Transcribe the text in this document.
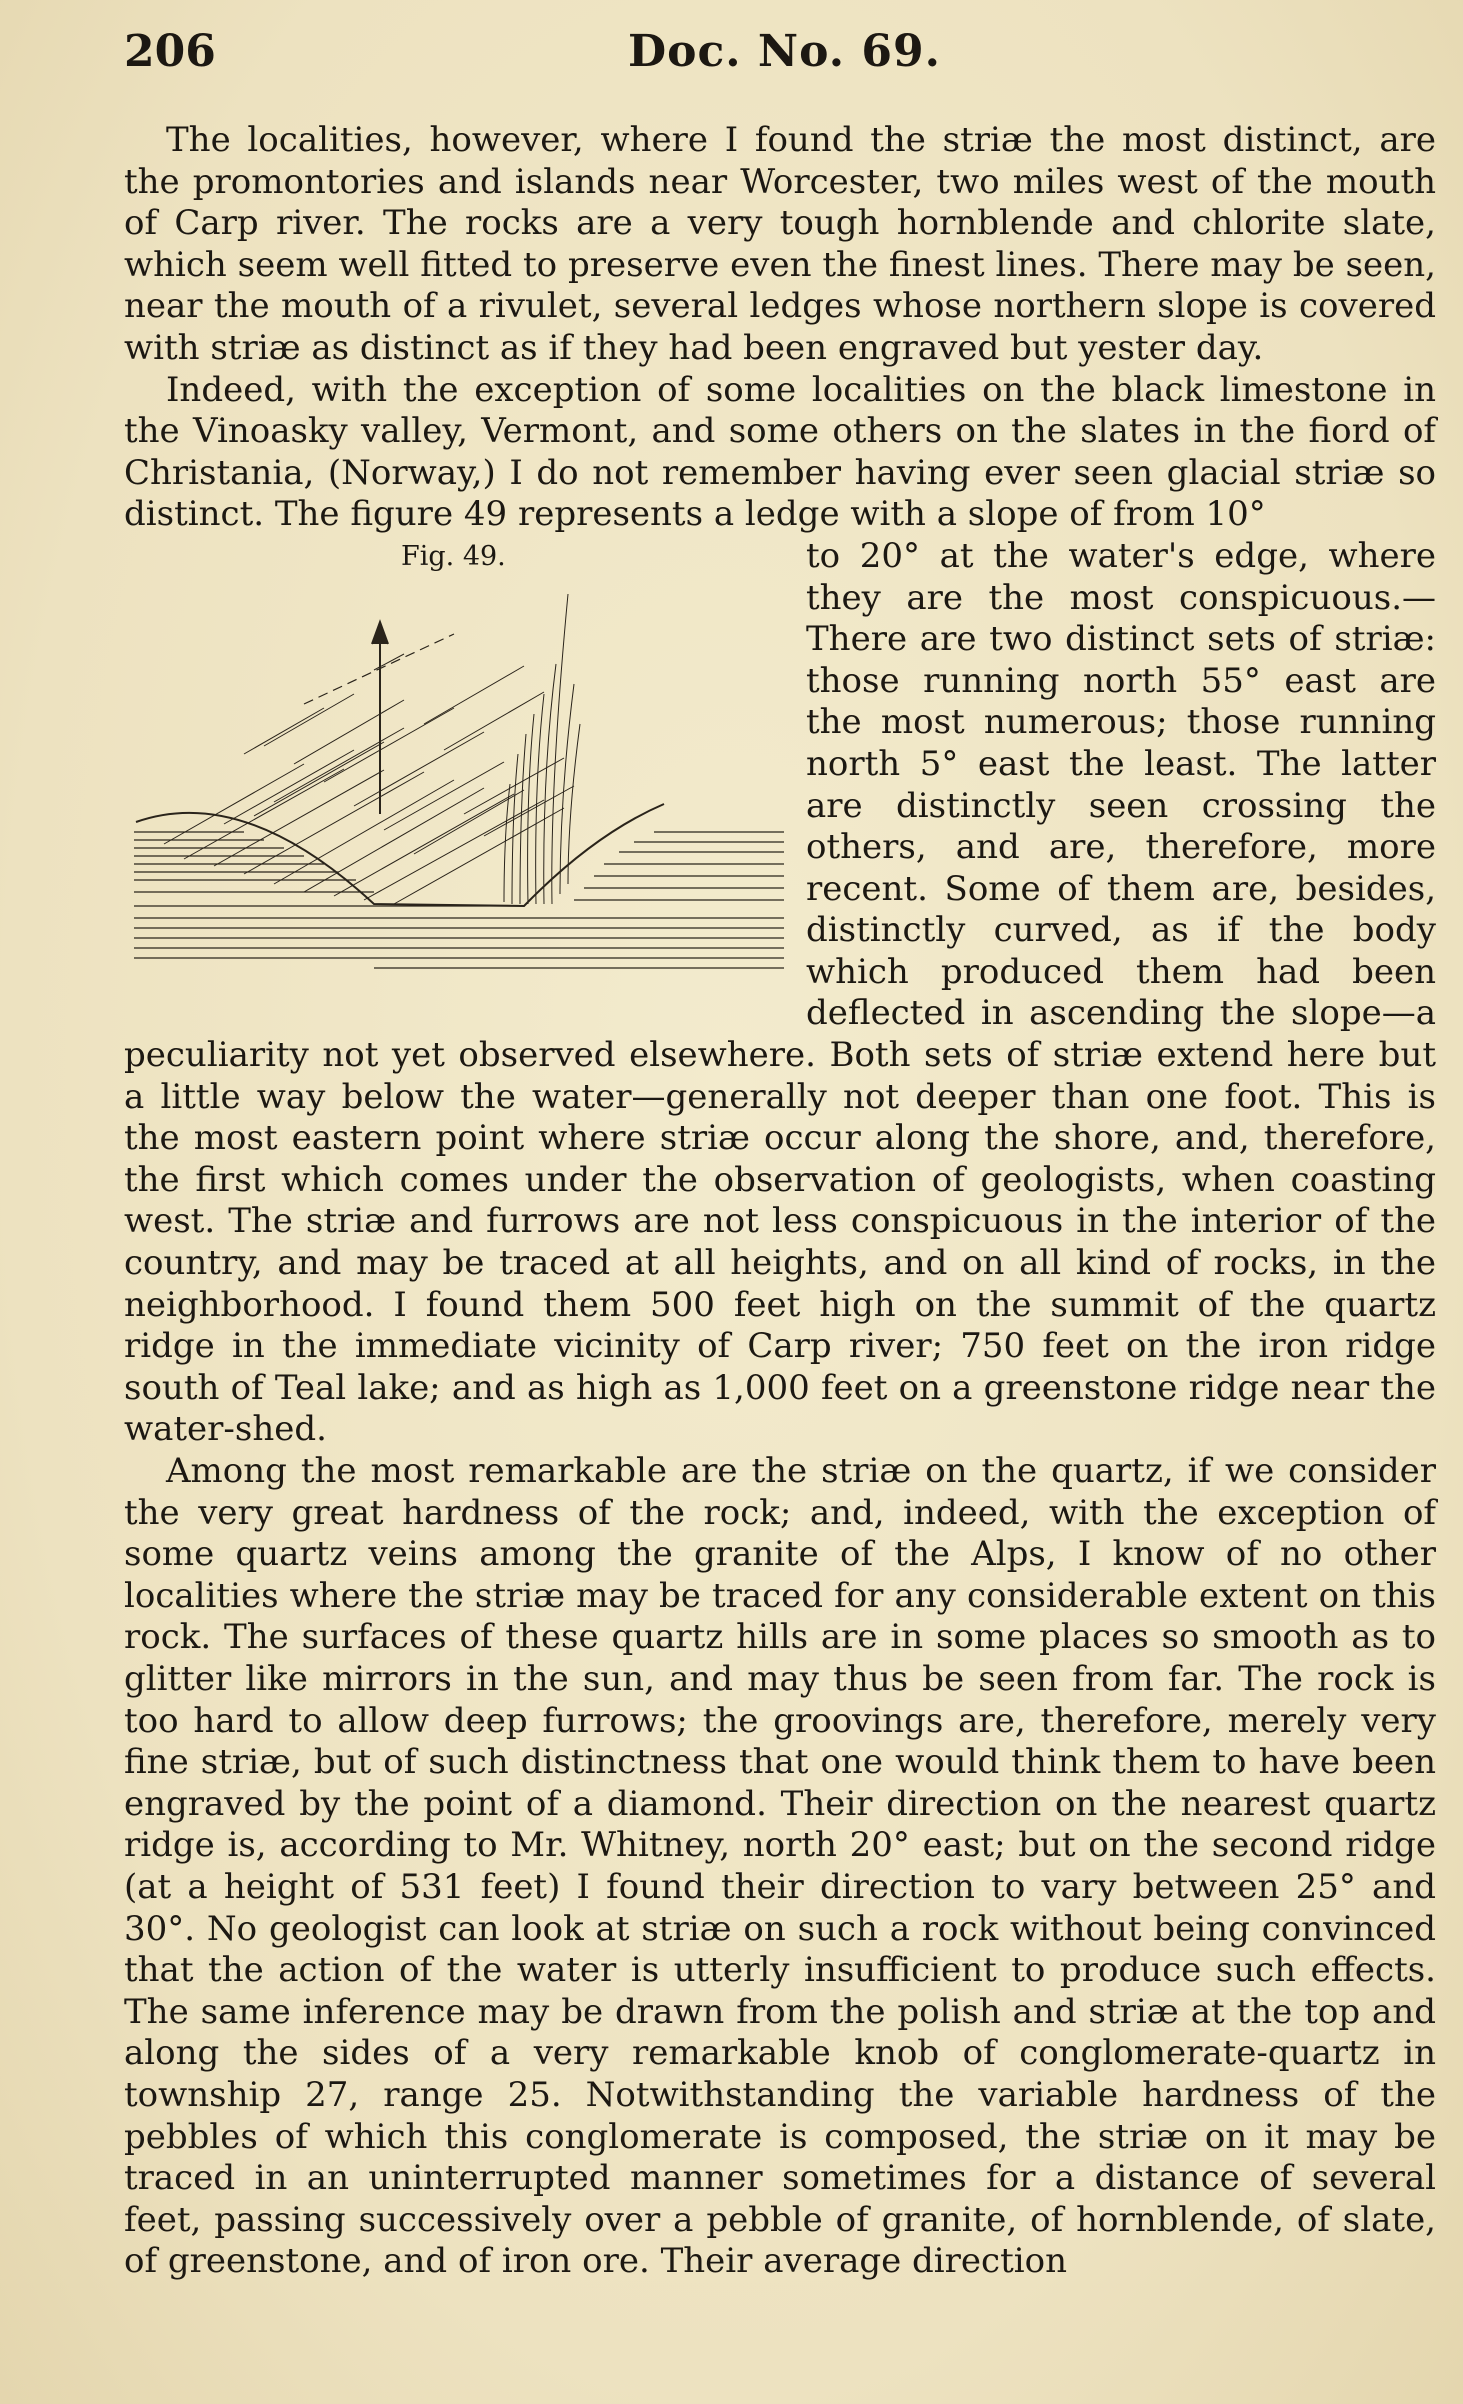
206	Doc. No. 69.

The localities, however, where I found the striæ the most distinct, are the promontories and islands near Worcester, two miles west of the mouth of Carp river. The rocks are a very tough hornblende and chlorite slate, which seem well fitted to preserve even the finest lines. There may be seen, near the mouth of a rivulet, several ledges whose northern slope is covered with striæ as distinct as if they had been engraved but yester day.

Indeed, with the exception of some localities on the black limestone in the Vinoasky valley, Vermont, and some others on the slates in the fiord of Christania, (Norway,) I do not remember having ever seen glacial striæ so distinct. The figure 49 represents a ledge with a slope of from 10°

Fig. 49.	to 20° at the water's edge, where they are the most conspicuous.—There are two distinct sets of striæ: those running north 55° east are the most numerous; those running north 5° east the least. The latter are distinctly seen crossing the others, and are, therefore, more recent. Some of them are, besides, distinctly curved, as if the body which produced them had been deflected in ascending the slope—a peculiarity not yet observed elsewhere. Both sets of striæ extend here but a little way below the water—generally not deeper than one foot. This is the most eastern point where striæ occur along the shore, and, therefore, the first which comes under the observation of geologists, when coasting west. The striæ and furrows are not less conspicuous in the interior of the country, and may be traced at all heights, and on all kind of rocks, in the neighborhood. I found them 500 feet high on the summit of the quartz ridge in the immediate vicinity of Carp river; 750 feet on the iron ridge south of Teal lake; and as high as 1,000 feet on a greenstone ridge near the water-shed.

Among the most remarkable are the striæ on the quartz, if we consider the very great hardness of the rock; and, indeed, with the exception of some quartz veins among the granite of the Alps, I know of no other localities where the striæ may be traced for any considerable extent on this rock. The surfaces of these quartz hills are in some places so smooth as to glitter like mirrors in the sun, and may thus be seen from far. The rock is too hard to allow deep furrows; the groovings are, therefore, merely very fine striæ, but of such distinctness that one would think them to have been engraved by the point of a diamond. Their direction on the nearest quartz ridge is, according to Mr. Whitney, north 20° east; but on the second ridge (at a height of 531 feet) I found their direction to vary between 25° and 30°. No geologist can look at striæ on such a rock without being convinced that the action of the water is utterly insufficient to produce such effects. The same inference may be drawn from the polish and striæ at the top and along the sides of a very remarkable knob of conglomerate-quartz in township 27, range 25. Notwithstanding the variable hardness of the pebbles of which this conglomerate is composed, the striæ on it may be traced in an uninterrupted manner sometimes for a distance of several feet, passing successively over a pebble of granite, of hornblende, of slate, of greenstone, and of iron ore. Their average direction
